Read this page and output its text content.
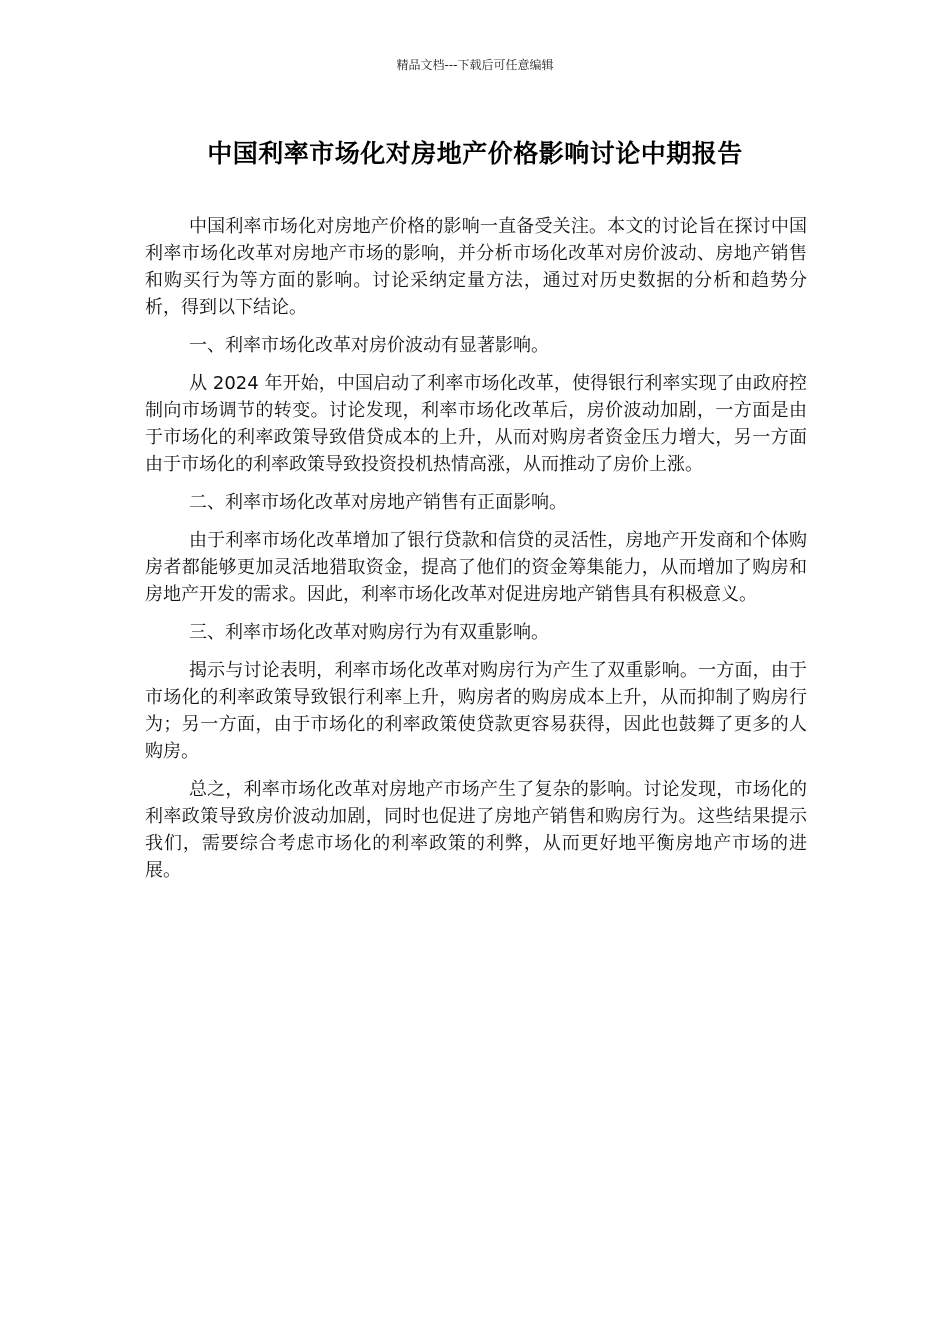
精品文档---下载后可任意编辑
中国利率市场化对房地产价格影响讨论中期报告

中国利率市场化对房地产价格的影响一直备受关注。本文的讨论旨在探讨中国利率市场化改革对房地产市场的影响，并分析市场化改革对房价波动、房地产销售和购买行为等方面的影响。讨论采纳定量方法，通过对历史数据的分析和趋势分析，得到以下结论。

一、利率市场化改革对房价波动有显著影响。

从 2024 年开始，中国启动了利率市场化改革，使得银行利率实现了由政府控制向市场调节的转变。讨论发现，利率市场化改革后，房价波动加剧，一方面是由于市场化的利率政策导致借贷成本的上升，从而对购房者资金压力增大，另一方面由于市场化的利率政策导致投资投机热情高涨，从而推动了房价上涨。

二、利率市场化改革对房地产销售有正面影响。

由于利率市场化改革增加了银行贷款和信贷的灵活性，房地产开发商和个体购房者都能够更加灵活地猎取资金，提高了他们的资金筹集能力，从而增加了购房和房地产开发的需求。因此，利率市场化改革对促进房地产销售具有积极意义。

三、利率市场化改革对购房行为有双重影响。

揭示与讨论表明，利率市场化改革对购房行为产生了双重影响。一方面，由于市场化的利率政策导致银行利率上升，购房者的购房成本上升，从而抑制了购房行为；另一方面，由于市场化的利率政策使贷款更容易获得，因此也鼓舞了更多的人购房。

总之，利率市场化改革对房地产市场产生了复杂的影响。讨论发现，市场化的利率政策导致房价波动加剧，同时也促进了房地产销售和购房行为。这些结果提示我们，需要综合考虑市场化的利率政策的利弊，从而更好地平衡房地产市场的进展。
